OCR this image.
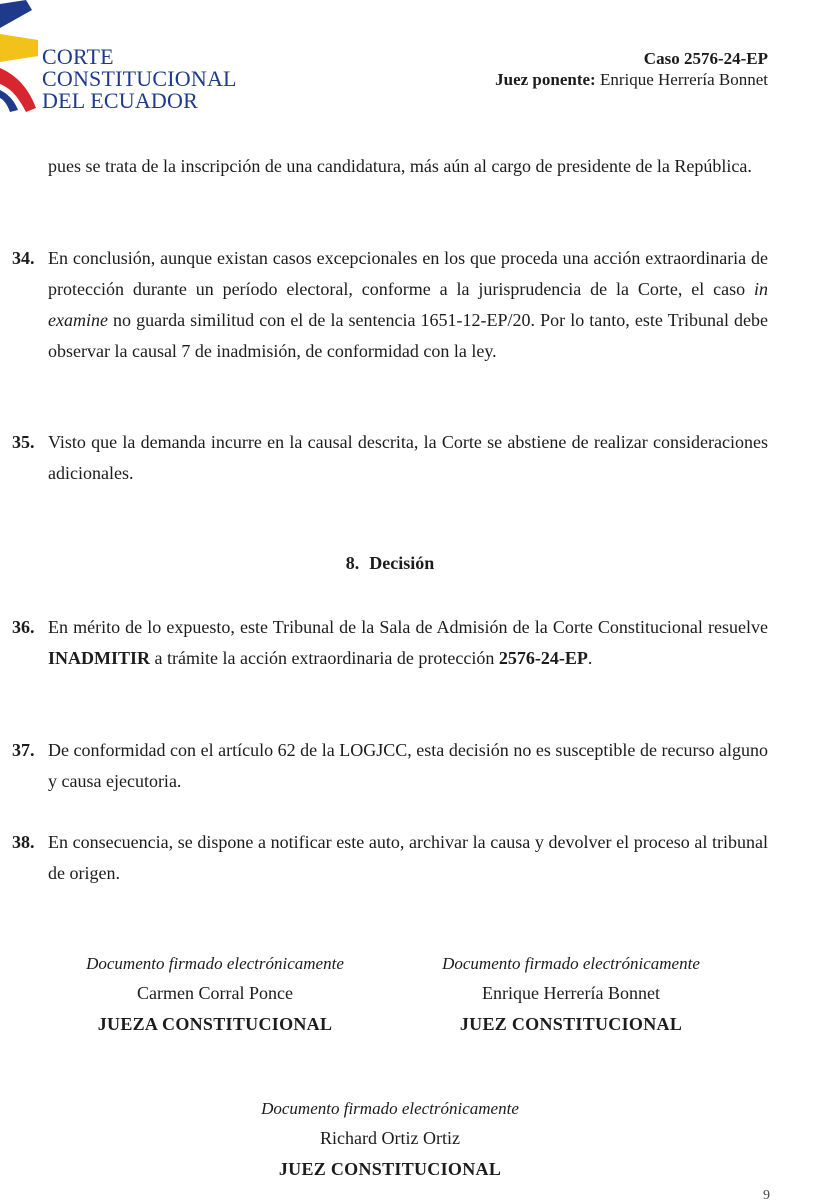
CORTE
CONSTITUCIONAL
DEL ECUADOR
Caso 2576-24-EP
Juez ponente: Enrique Herrería Bonnet
pues se trata de la inscripción de una candidatura, más aún al cargo de presidente de la República.
34. En conclusión, aunque existan casos excepcionales en los que proceda una acción extraordinaria de protección durante un período electoral, conforme a la jurisprudencia de la Corte, el caso in examine no guarda similitud con el de la sentencia 1651-12-EP/20. Por lo tanto, este Tribunal debe observar la causal 7 de inadmisión, de conformidad con la ley.
35. Visto que la demanda incurre en la causal descrita, la Corte se abstiene de realizar consideraciones adicionales.
8. Decisión
36. En mérito de lo expuesto, este Tribunal de la Sala de Admisión de la Corte Constitucional resuelve INADMITIR a trámite la acción extraordinaria de protección 2576-24-EP.
37. De conformidad con el artículo 62 de la LOGJCC, esta decisión no es susceptible de recurso alguno y causa ejecutoria.
38. En consecuencia, se dispone a notificar este auto, archivar la causa y devolver el proceso al tribunal de origen.
Documento firmado electrónicamente
Carmen Corral Ponce
JUEZA CONSTITUCIONAL
Documento firmado electrónicamente
Enrique Herrería Bonnet
JUEZ CONSTITUCIONAL
Documento firmado electrónicamente
Richard Ortiz Ortiz
JUEZ CONSTITUCIONAL
9
